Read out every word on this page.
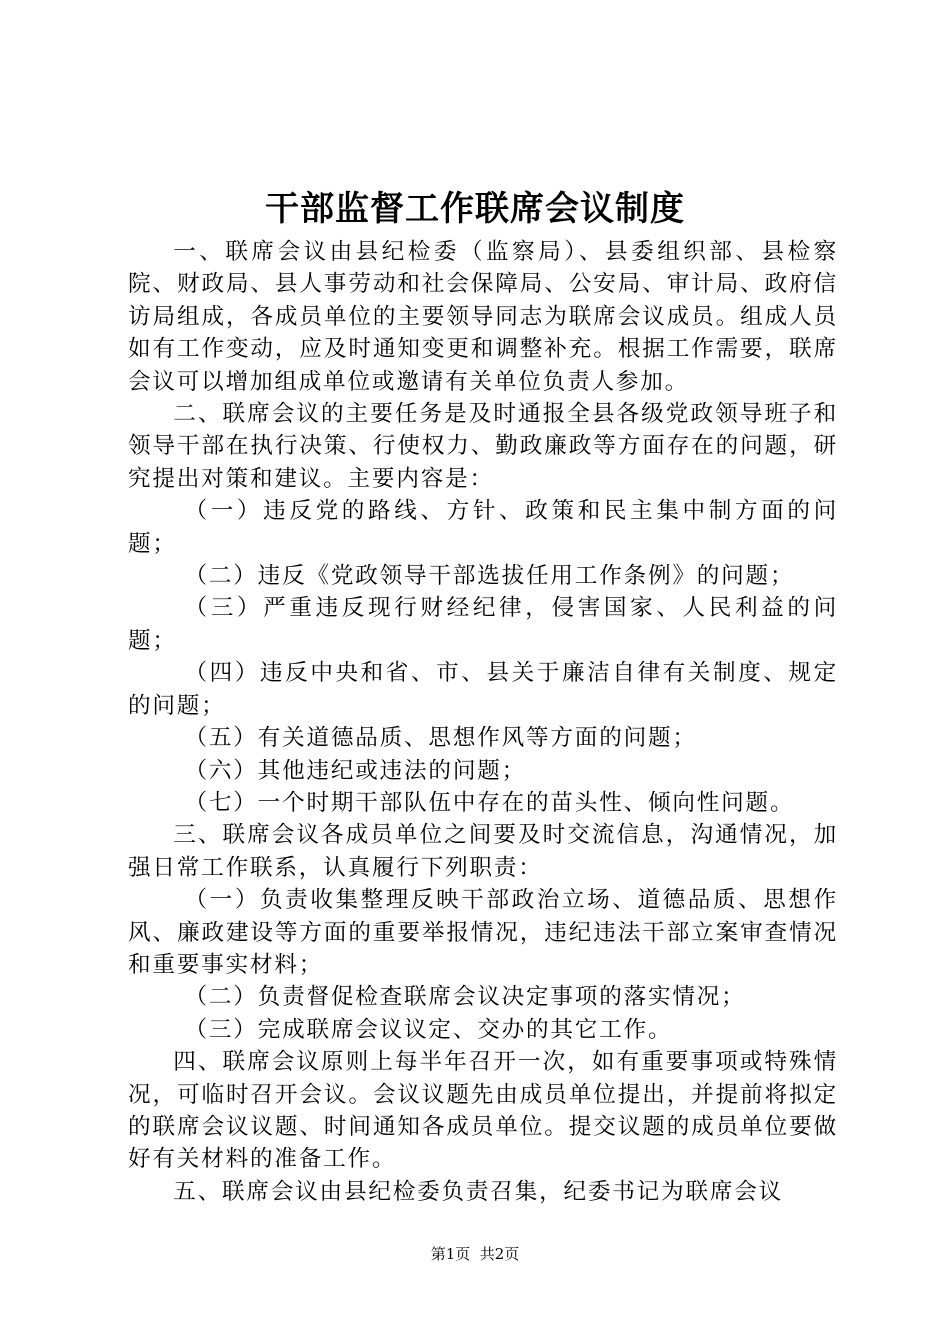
干部监督工作联席会议制度

一、联席会议由县纪检委（监察局）、县委组织部、县检察院、财政局、县人事劳动和社会保障局、公安局、审计局、政府信访局组成，各成员单位的主要领导同志为联席会议成员。组成人员如有工作变动，应及时通知变更和调整补充。根据工作需要，联席会议可以增加组成单位或邀请有关单位负责人参加。

二、联席会议的主要任务是及时通报全县各级党政领导班子和领导干部在执行决策、行使权力、勤政廉政等方面存在的问题，研究提出对策和建议。主要内容是：

（一）违反党的路线、方针、政策和民主集中制方面的问题；

（二）违反《党政领导干部选拔任用工作条例》的问题；

（三）严重违反现行财经纪律，侵害国家、人民利益的问题；

（四）违反中央和省、市、县关于廉洁自律有关制度、规定的问题；

（五）有关道德品质、思想作风等方面的问题；

（六）其他违纪或违法的问题；

（七）一个时期干部队伍中存在的苗头性、倾向性问题。

三、联席会议各成员单位之间要及时交流信息，沟通情况，加强日常工作联系，认真履行下列职责：

（一）负责收集整理反映干部政治立场、道德品质、思想作风、廉政建设等方面的重要举报情况，违纪违法干部立案审查情况和重要事实材料；

（二）负责督促检查联席会议决定事项的落实情况；

（三）完成联席会议议定、交办的其它工作。

四、联席会议原则上每半年召开一次，如有重要事项或特殊情况，可临时召开会议。会议议题先由成员单位提出，并提前将拟定的联席会议议题、时间通知各成员单位。提交议题的成员单位要做好有关材料的准备工作。

五、联席会议由县纪检委负责召集，纪委书记为联席会议

第1页  共2页
